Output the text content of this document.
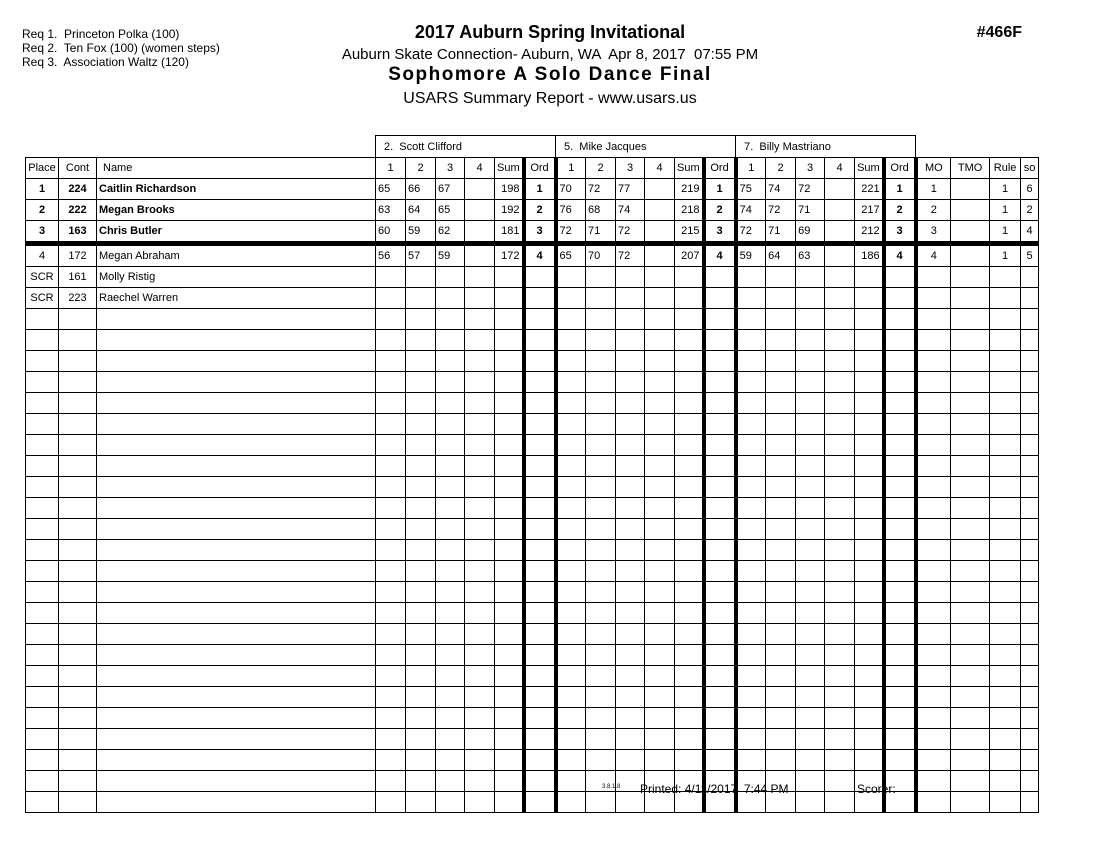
Req 1.  Princeton Polka (100)
Req 2.  Ten Fox (100) (women steps)
Req 3.  Association Waltz (120)
2017 Auburn Spring Invitational
Auburn Skate Connection- Auburn, WA  Apr 8, 2017  07:55 PM
Sophomore A Solo Dance Final
USARS Summary Report - www.usars.us
#466F
			2.  Scott Clifford						5.  Mike Jacques						7.  Billy Mastriano									
Place	Cont	Name	1	2	3	4	Sum	Ord	1	2	3	4	Sum	Ord	1	2	3	4	Sum	Ord	MO	TMO	Rule	so
1	224	Caitlin Richardson	65	66	67		198	1	70	72	77		219	1	75	74	72		221	1	1		1	6
2	222	Megan Brooks	63	64	65		192	2	76	68	74		218	2	74	72	71		217	2	2		1	2
3	163	Chris Butler	60	59	62		181	3	72	71	72		215	3	72	71	69		212	3	3		1	4
4	172	Megan Abraham	56	57	59		172	4	65	70	72		207	4	59	64	63		186	4	4		1	5
SCR	161	Molly Ristig																						
SCR	223	Raechel Warren																						

3.8.1.8 Printed: 4/11/2017  7:44 PM	Scorer:
